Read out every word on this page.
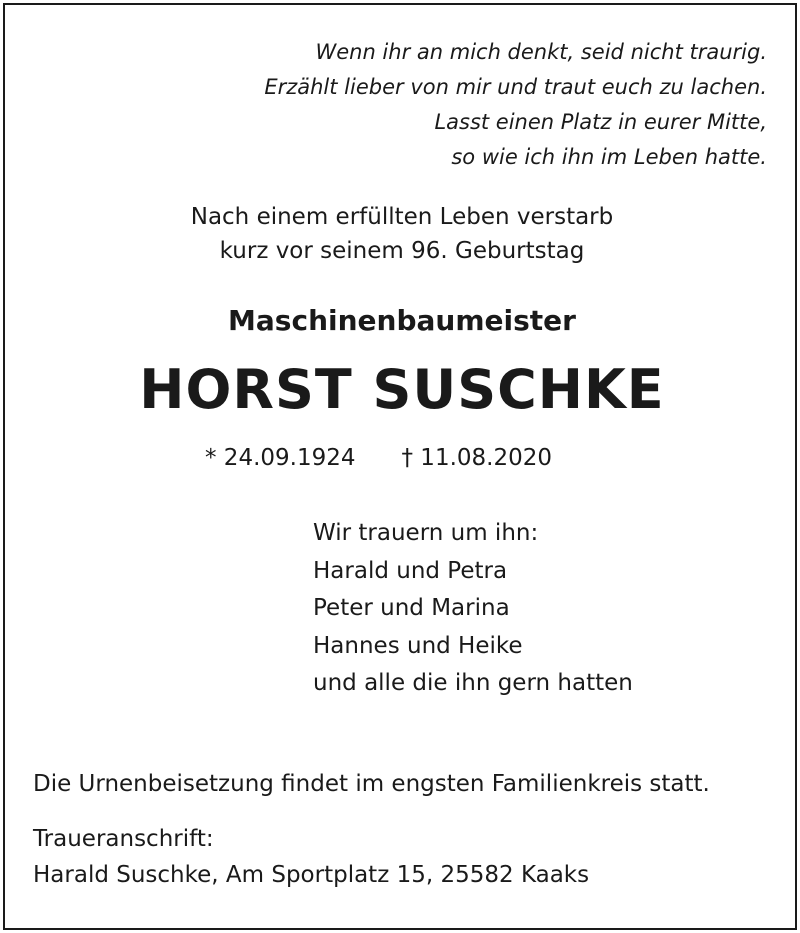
Wenn ihr an mich denkt, seid nicht traurig.
Erzählt lieber von mir und traut euch zu lachen.
Lasst einen Platz in eurer Mitte,
so wie ich ihn im Leben hatte.
Nach einem erfüllten Leben verstarb
kurz vor seinem 96. Geburtstag
Maschinenbaumeister
HORST SUSCHKE
* 24.09.1924 † 11.08.2020
Wir trauern um ihn:
Harald und Petra
Peter und Marina
Hannes und Heike
und alle die ihn gern hatten
Die Urnenbeisetzung findet im engsten Familienkreis statt.
Traueranschrift:
Harald Suschke, Am Sportplatz 15, 25582 Kaaks
